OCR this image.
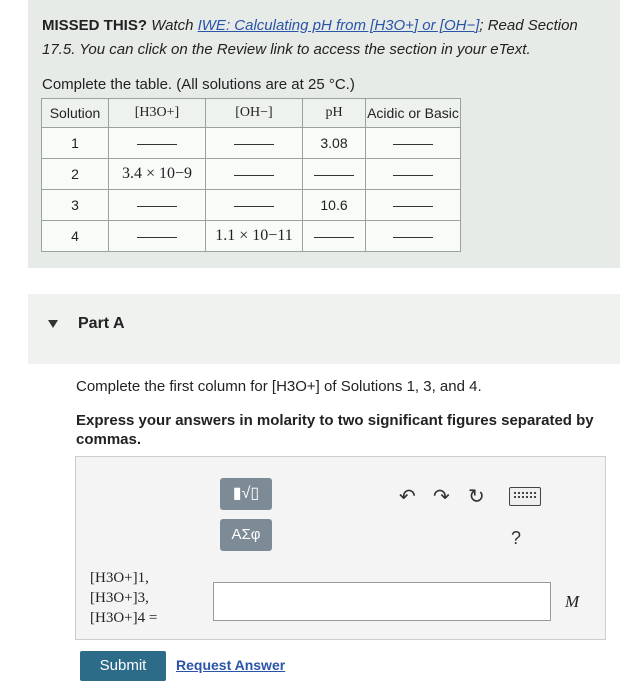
MISSED THIS? Watch IWE: Calculating pH from [H3O+] or [OH−]; Read Section 17.5. You can click on the Review link to access the section in your eText.
Complete the table. (All solutions are at 25 °C.)
Solution	[H3O+]	[OH−]	pH	Acidic or Basic
1			3.08	
2	3.4 × 10−9			
3			10.6	
4		1.1 × 10−11		
Part A
Complete the first column for [H3O+] of Solutions 1, 3, and 4.
Express your answers in molarity to two significant figures separated by commas.
▮√▯
ΑΣφ
↶ ↷ ↻
?
[H3O+]1,
[H3O+]3,
[H3O+]4 =
M
Submit	Request Answer
